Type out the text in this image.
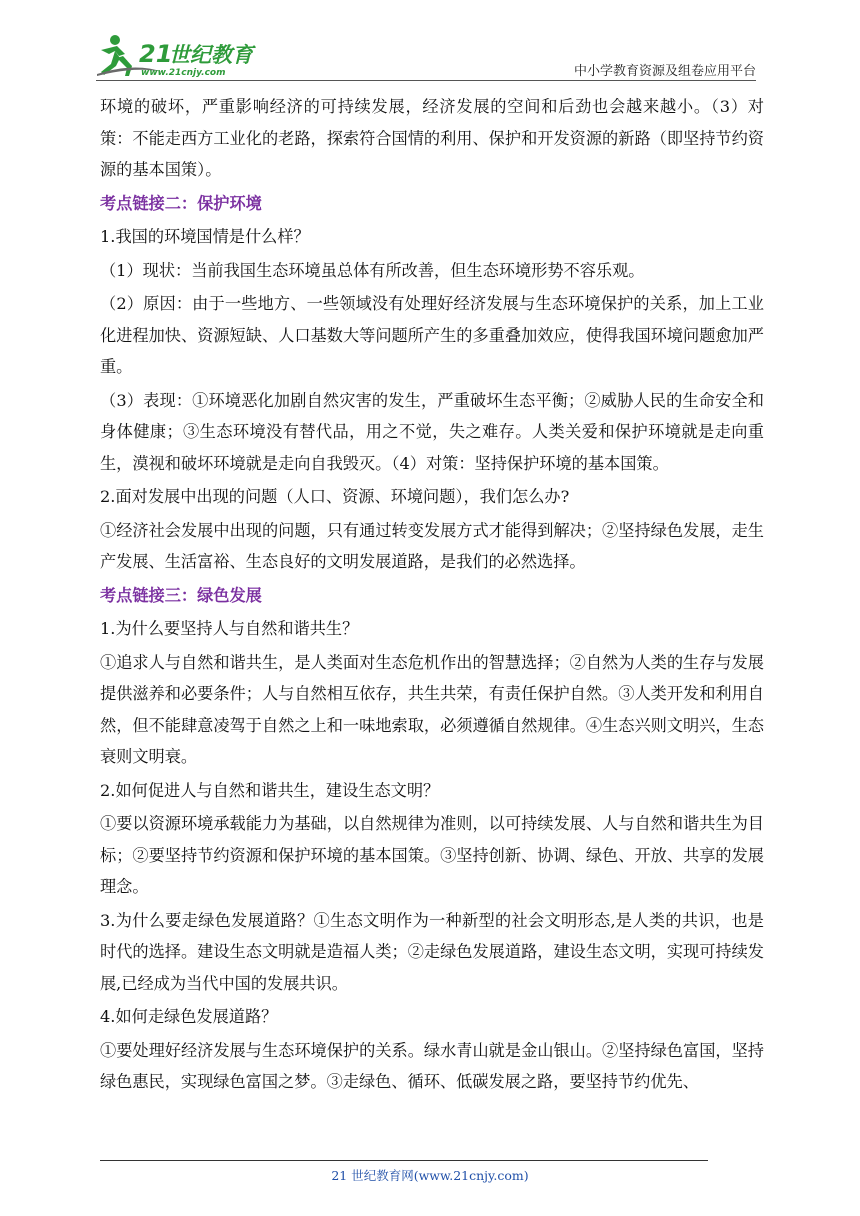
21
世纪教育
www.21cnjy.com	中小学教育资源及组卷应用平台

环境的破坏，严重影响经济的可持续发展，经济发展的空间和后劲也会越来越小。（3）对策：不能走西方工业化的老路，探索符合国情的利用、保护和开发资源的新路（即坚持节约资源的基本国策）。

考点链接二：保护环境

1.我国的环境国情是什么样？

（1）现状：当前我国生态环境虽总体有所改善，但生态环境形势不容乐观。

（2）原因：由于一些地方、一些领域没有处理好经济发展与生态环境保护的关系，加上工业化进程加快、资源短缺、人口基数大等问题所产生的多重叠加效应，使得我国环境问题愈加严重。

（3）表现：①环境恶化加剧自然灾害的发生，严重破坏生态平衡；②威胁人民的生命安全和身体健康；③生态环境没有替代品，用之不觉，失之难存。人类关爱和保护环境就是走向重生，漠视和破坏环境就是走向自我毁灭。（4）对策：坚持保护环境的基本国策。

2.面对发展中出现的问题（人口、资源、环境问题），我们怎么办?

①经济社会发展中出现的问题，只有通过转变发展方式才能得到解决；②坚持绿色发展，走生产发展、生活富裕、生态良好的文明发展道路，是我们的必然选择。

考点链接三：绿色发展

1.为什么要坚持人与自然和谐共生？

①追求人与自然和谐共生，是人类面对生态危机作出的智慧选择；②自然为人类的生存与发展提供滋养和必要条件；人与自然相互依存，共生共荣，有责任保护自然。③人类开发和利用自然，但不能肆意凌驾于自然之上和一味地索取，必须遵循自然规律。④生态兴则文明兴，生态衰则文明衰。

2.如何促进人与自然和谐共生，建设生态文明？

①要以资源环境承载能力为基础，以自然规律为准则，以可持续发展、人与自然和谐共生为目标；②要坚持节约资源和保护环境的基本国策。③坚持创新、协调、绿色、开放、共享的发展理念。

3.为什么要走绿色发展道路？①生态文明作为一种新型的社会文明形态,是人类的共识，也是时代的选择。建设生态文明就是造福人类；②走绿色发展道路，建设生态文明，实现可持续发展,已经成为当代中国的发展共识。

4.如何走绿色发展道路？

①要处理好经济发展与生态环境保护的关系。绿水青山就是金山银山。②坚持绿色富国，坚持绿色惠民，实现绿色富国之梦。③走绿色、循环、低碳发展之路，要坚持节约优先、

21 世纪教育网(www.21cnjy.com)
